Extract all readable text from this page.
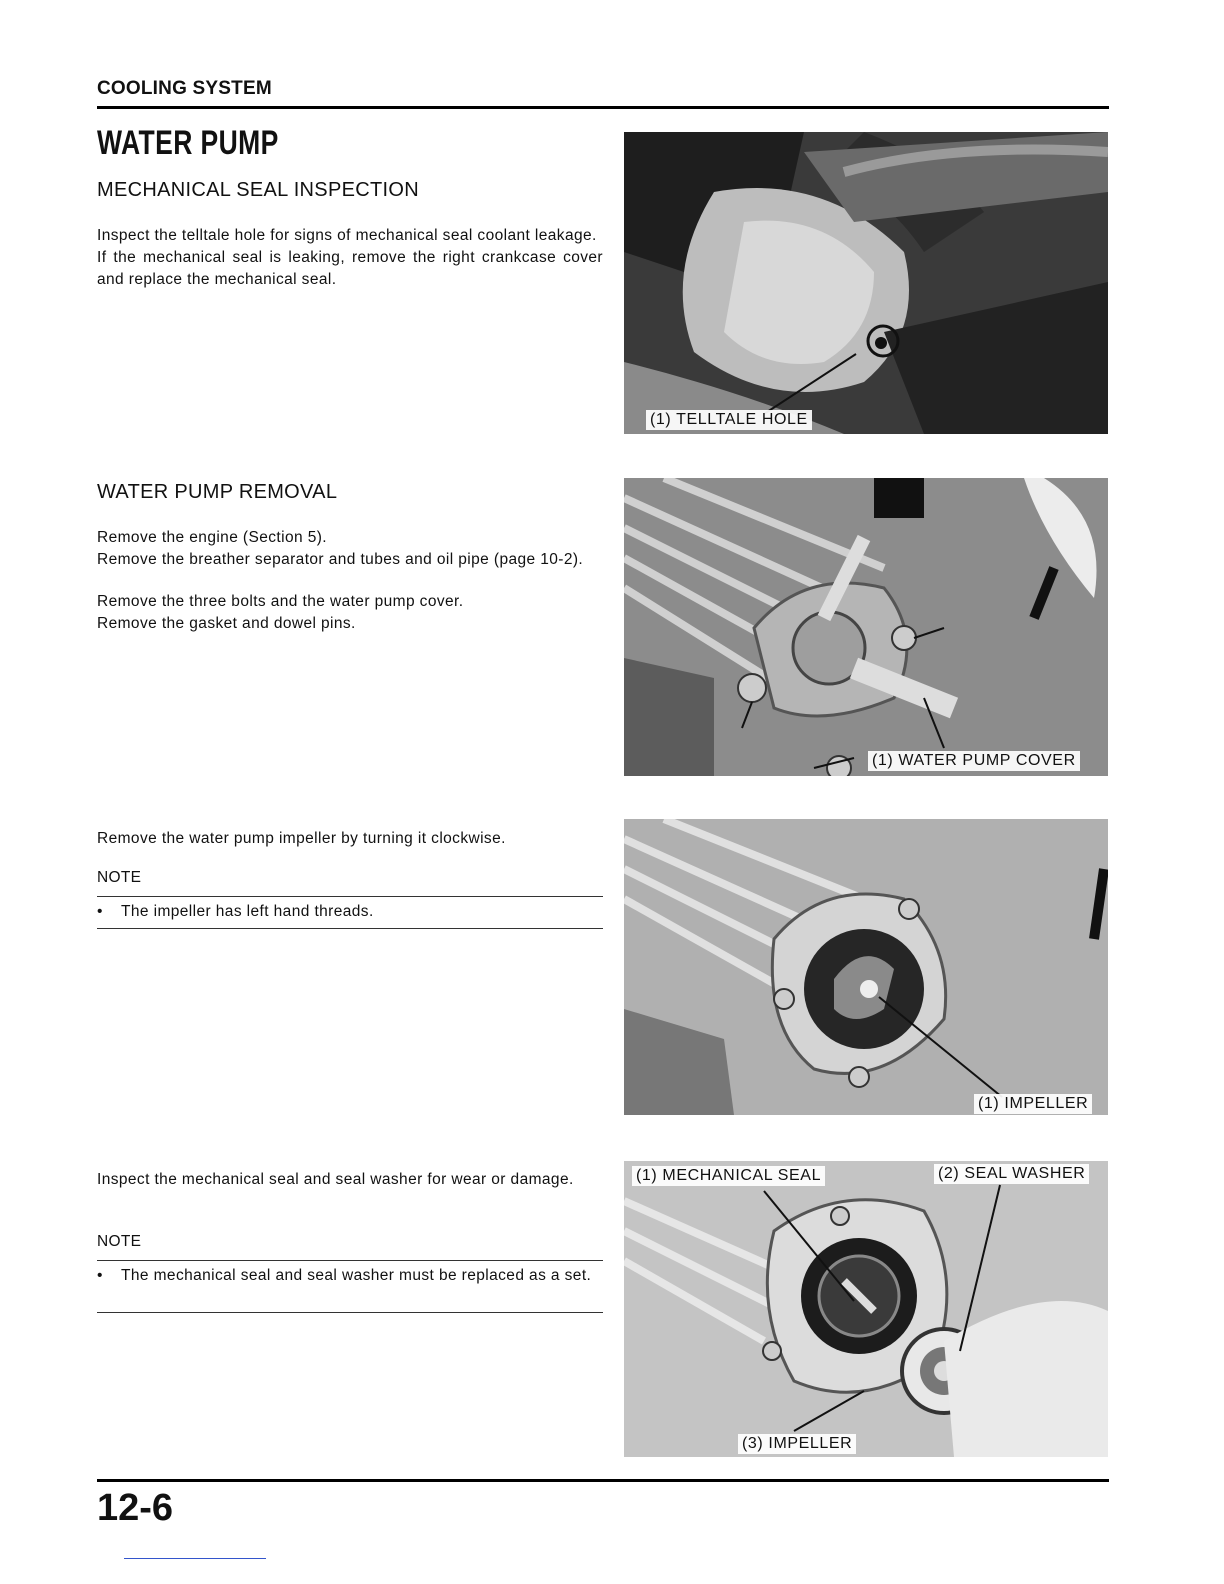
COOLING SYSTEM
WATER PUMP
MECHANICAL SEAL INSPECTION

Inspect the telltale hole for signs of mechanical seal coolant leakage.

If the mechanical seal is leaking, remove the right crankcase cover and replace the mechanical seal.

(1) TELLTALE HOLE
WATER PUMP REMOVAL

Remove the engine (Section 5).

Remove the breather separator and tubes and oil pipe (page 10-2).

Remove the three bolts and the water pump cover.

Remove the gasket and dowel pins.

(1) WATER PUMP COVER

Remove the water pump impeller by turning it clockwise.

NOTE
•	The impeller has left hand threads.
(1) IMPELLER

Inspect the mechanical seal and seal washer for wear or damage.

NOTE
•	The mechanical seal and seal washer must be replaced as a set.
(1) MECHANICAL SEAL	(2) SEAL WASHER
(3) IMPELLER
12-6
